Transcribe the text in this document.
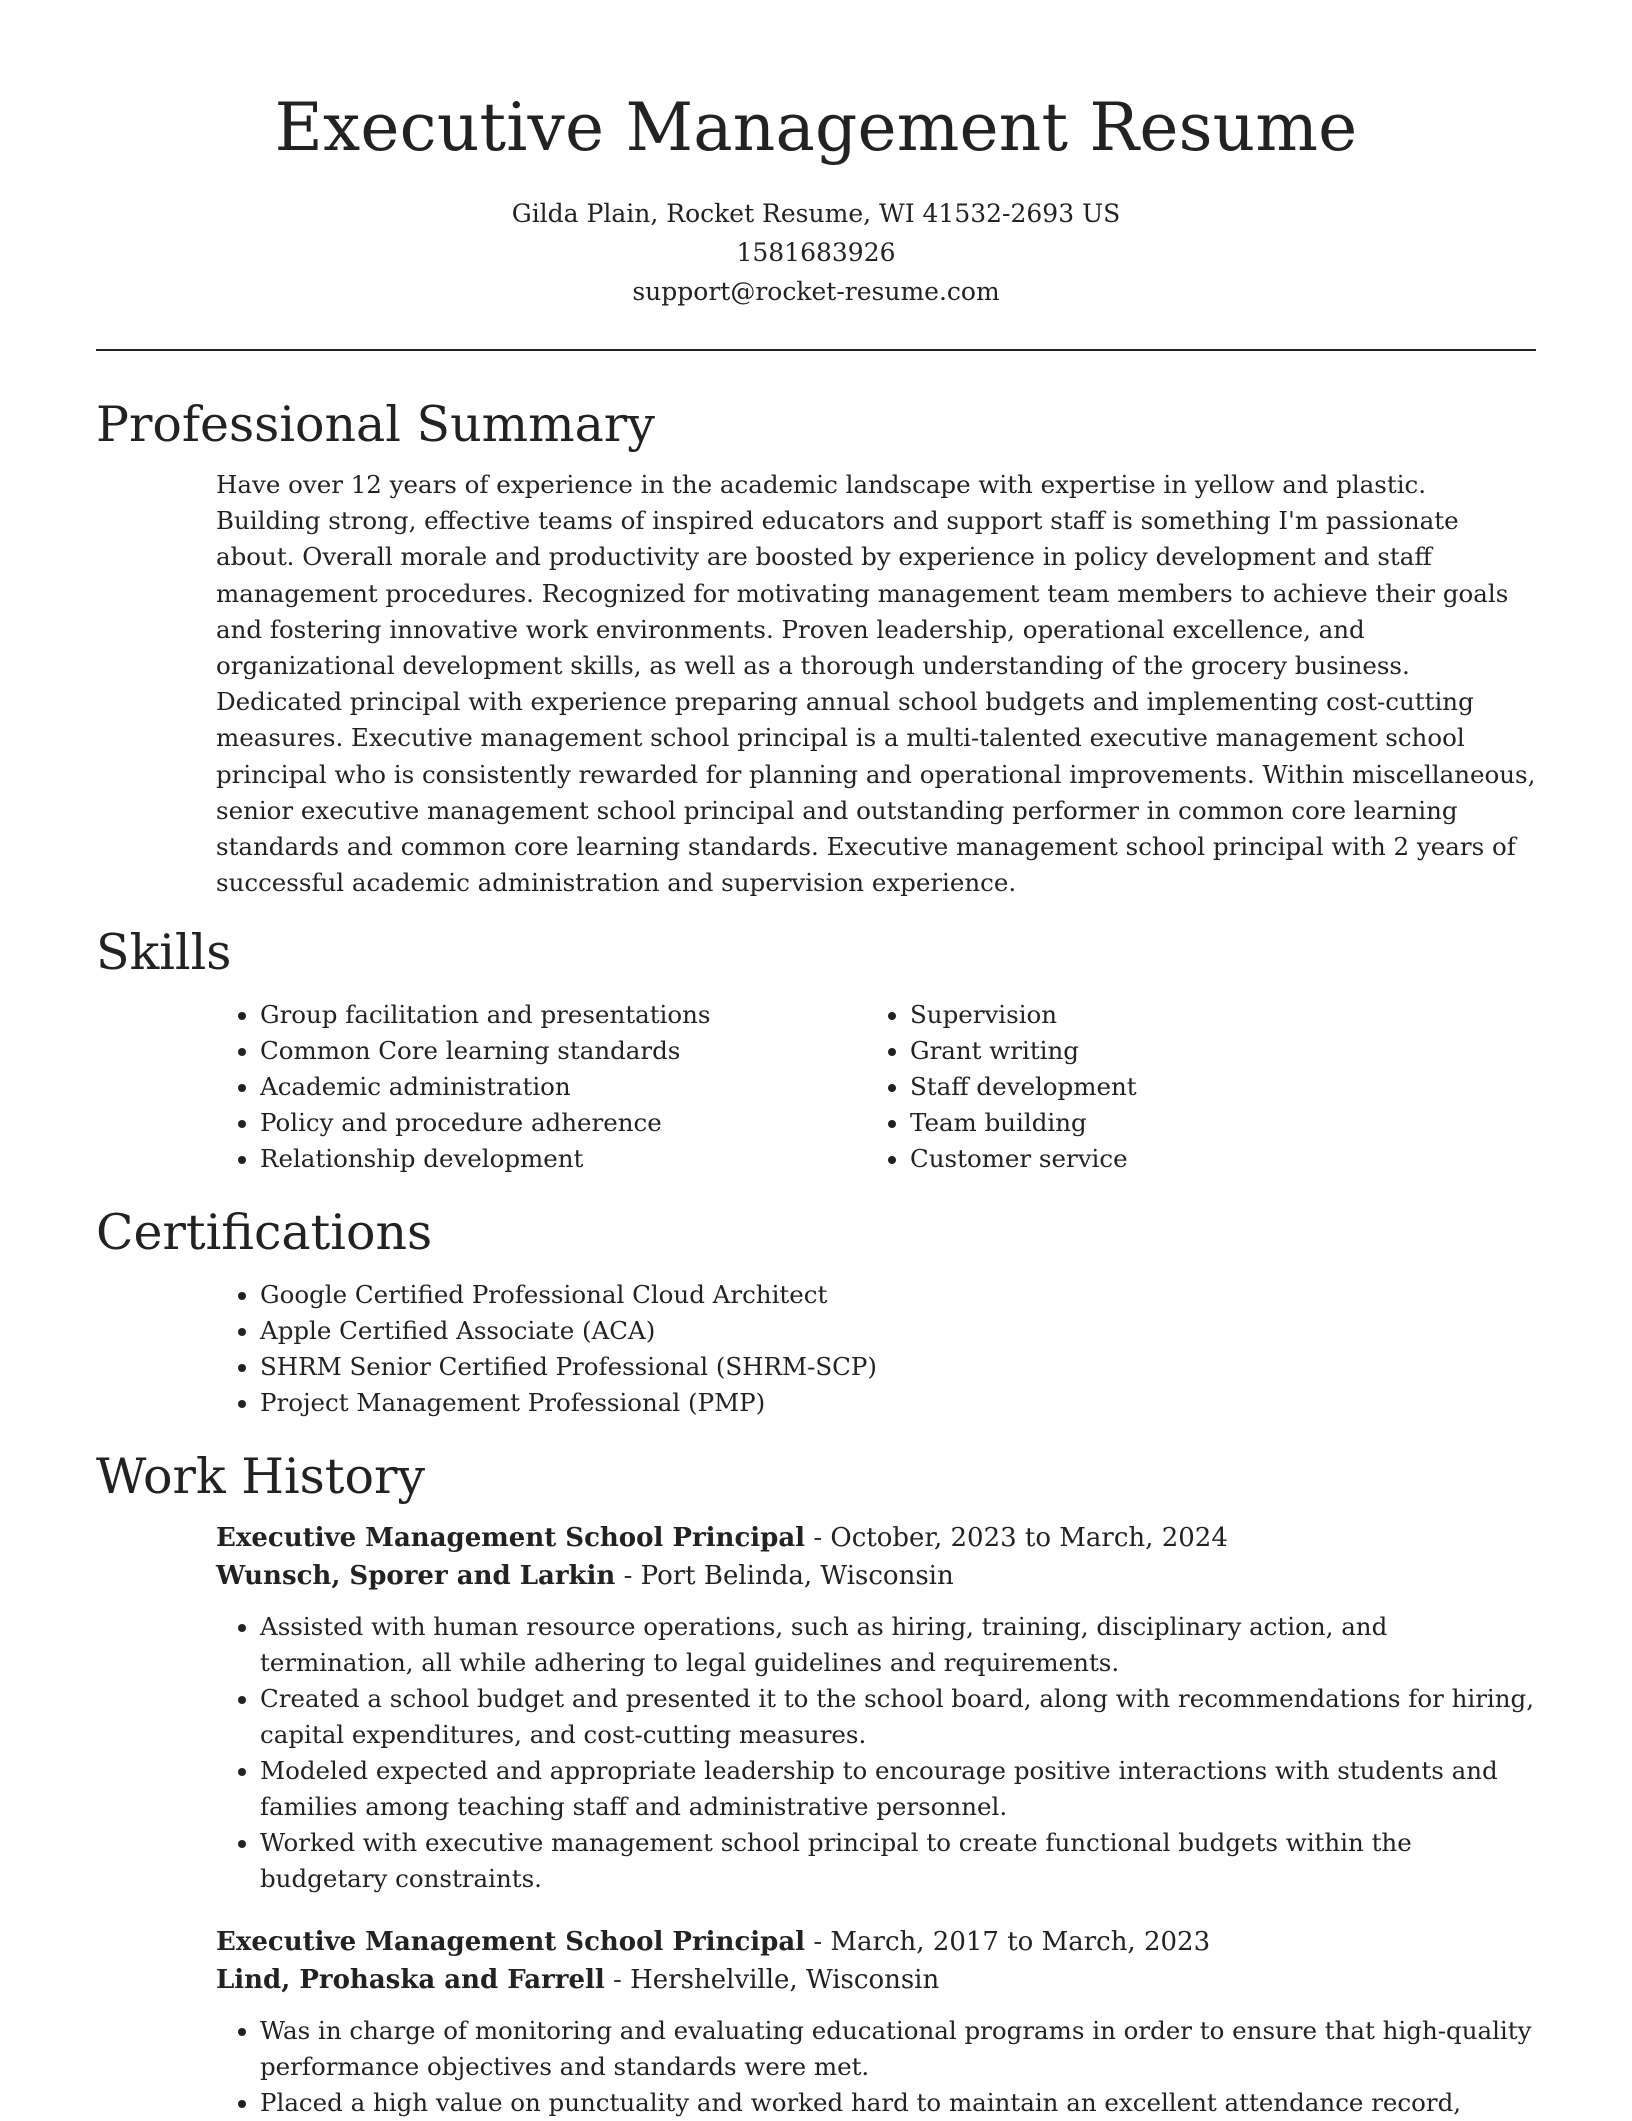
Executive Management Resume
Gilda Plain, Rocket Resume, WI 41532-2693 US
1581683926
support@rocket-resume.com
Professional Summary

Have over 12 years of experience in the academic landscape with expertise in yellow and plastic. Building strong, effective teams of inspired educators and support staff is something I'm passionate about. Overall morale and productivity are boosted by experience in policy development and staff management procedures. Recognized for motivating management team members to achieve their goals and fostering innovative work environments. Proven leadership, operational excellence, and organizational development skills, as well as a thorough understanding of the grocery business. Dedicated principal with experience preparing annual school budgets and implementing cost-cutting measures. Executive management school principal is a multi-talented executive management school principal who is consistently rewarded for planning and operational improvements. Within miscellaneous, senior executive management school principal and outstanding performer in common core learning standards and common core learning standards. Executive management school principal with 2 years of successful academic administration and supervision experience.

Skills
• Group facilitation and presentations
• Common Core learning standards
• Academic administration
• Policy and procedure adherence
• Relationship development
• Supervision
• Grant writing
• Staff development
• Team building
• Customer service
Certifications
• Google Certified Professional Cloud Architect
• Apple Certified Associate (ACA)
• SHRM Senior Certified Professional (SHRM-SCP)
• Project Management Professional (PMP)
Work History
Executive Management School Principal - October, 2023 to March, 2024
Wunsch, Sporer and Larkin - Port Belinda, Wisconsin
• Assisted with human resource operations, such as hiring, training, disciplinary action, and termination, all while adhering to legal guidelines and requirements.
• Created a school budget and presented it to the school board, along with recommendations for hiring, capital expenditures, and cost-cutting measures.
• Modeled expected and appropriate leadership to encourage positive interactions with students and families among teaching staff and administrative personnel.
• Worked with executive management school principal to create functional budgets within the budgetary constraints.
Executive Management School Principal - March, 2017 to March, 2023
Lind, Prohaska and Farrell - Hershelville, Wisconsin
• Was in charge of monitoring and evaluating educational programs in order to ensure that high-quality performance objectives and standards were met.
• Placed a high value on punctuality and worked hard to maintain an excellent attendance record,
